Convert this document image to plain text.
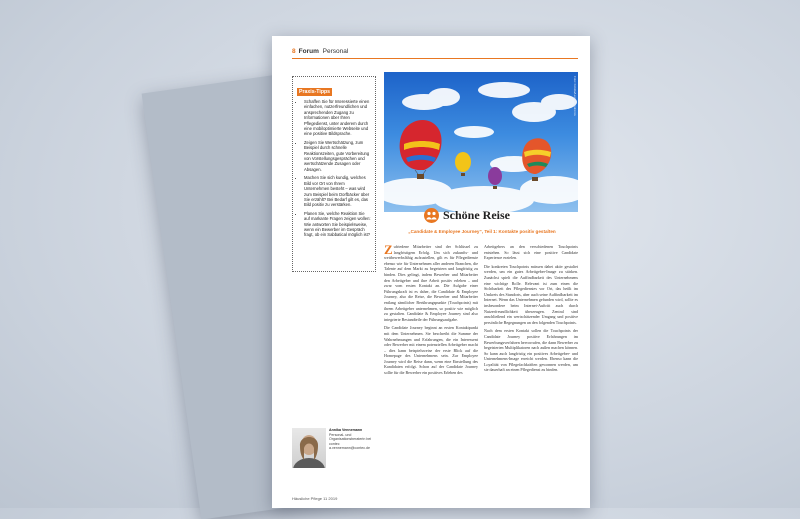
8 Forum Personal
Praxis-Tipps
• Schaffen Sie für Interessierte einen einfachen, nutzerfreundlichen und ansprechenden Zugang zu Informationen über Ihren Pflegedienst, unter anderem durch eine mobiloptimierte Webseite und eine positive Bildsprache.
• Zeigen Sie Wertschätzung, zum Beispiel durch schnelle Reaktionszeiten, gute Vorbereitung von Vorstellungsgesprächen und wertschätzende Zusagen oder Absagen.
• Machen Sie sich kundig, welches Bild vor Ort von Ihrem Unternehmen besteht – was wird zum Beispiel beim Dorfbäcker über Sie erzählt? Bei Bedarf gilt es, das Bild positiv zu verstärken.
• Planen Sie, welche Reaktion Sie auf markante Fragen zeigen wollen: Wie antworten Sie beispielsweise, wenn ein Bewerber im Gespräch fragt, ob ein Sabbatical möglich ist?
Foto: Fotolia/Leonid Andronov
Schöne Reise
„Candidate & Employee Journey“, Teil 1: Kontakte positiv gestalten

Zufriedene Mitarbeiter sind der Schlüssel zu langfristigem Erfolg. Um sich zukunfts- und wettbewerbsfähig aufzustellen, gilt es für Pflegedienste ebenso wie für Unternehmen aller anderen Branchen, die Talente auf dem Markt zu begeistern und langfristig zu binden. Dies gelingt, indem Bewerber und Mitarbeiter den Arbeitgeber und ihre Arbeit positiv erleben – und zwar vom ersten Kontakt an. Die Aufgabe einer Führungskraft ist es daher, die Candidate & Employee Journey, also die Reise, die Bewerber und Mitarbeiter entlang sämtlicher Berührungspunkte (Touchpoints) mit ihrem Arbeitgeber unternehmen, so positiv wie möglich zu gestalten. Candidate & Employee Journey sind also integrierte Bestandteile der Führungsaufgabe.

Die Candidate Journey beginnt an ersten Kontaktpunkt mit dem Unternehmen. Sie beschreibt die Summe der Wahrnehmungen und Erfahrungen, die ein Interessent oder Bewerber mit einem potenziellen Arbeitgeber macht – dies kann beispielsweise der erste Blick auf die Homepage des Unternehmens sein. Zur Employee Journey wird die Reise dann, wenn eine Einstellung des Kandidaten erfolgt. Schon auf der Candidate Journey sollte für die Bewerber ein positives Erleben des

Arbeitgebers an den verschiedenen Touchpoints entstehen. So lässt sich eine positive Candidate Experience erzielen.

Die konkreten Touchpoints müssen dabei aktiv gestaltet werden, um ein gutes Arbeitgeber-Image zu stärken. Zunächst spielt die Auffindbarkeit des Unternehmens eine wichtige Rolle. Relevant ist zum einen die Sichtbarkeit des Pflegedienstes vor Ort, das heißt im Umkreis des Standorts, aber auch seine Auffindbarkeit im Internet. Wenn das Unternehmen gefunden wird, sollte es insbesondere beim Internet-Auftritt auch durch Nutzerfreundlichkeit überzeugen. Zentral sind anschließend ein wertschätzender Umgang und positive persönliche Begegnungen an den folgenden Touchpoints.

Nach dem ersten Kontakt sollen die Touchpoints der Candidate Journey positive Erfahrungen im Bewerbungsverfahren hervorrufen, die dann Bewerber zu begeisterten Multiplikatoren nach außen machen können. So kann auch langfristig ein positives Arbeitgeber- und Unternehmens-Image erreicht werden. Ebenso kann die Loyalität von Pflegefachkräften gewonnen werden, um sie dauerhaft an einen Pflegedienst zu binden.

Annika Vennemann
Personal- und Organisationsberaterin bei contec
a.vennemann@contec.de
Häusliche Pflege 11 2019
